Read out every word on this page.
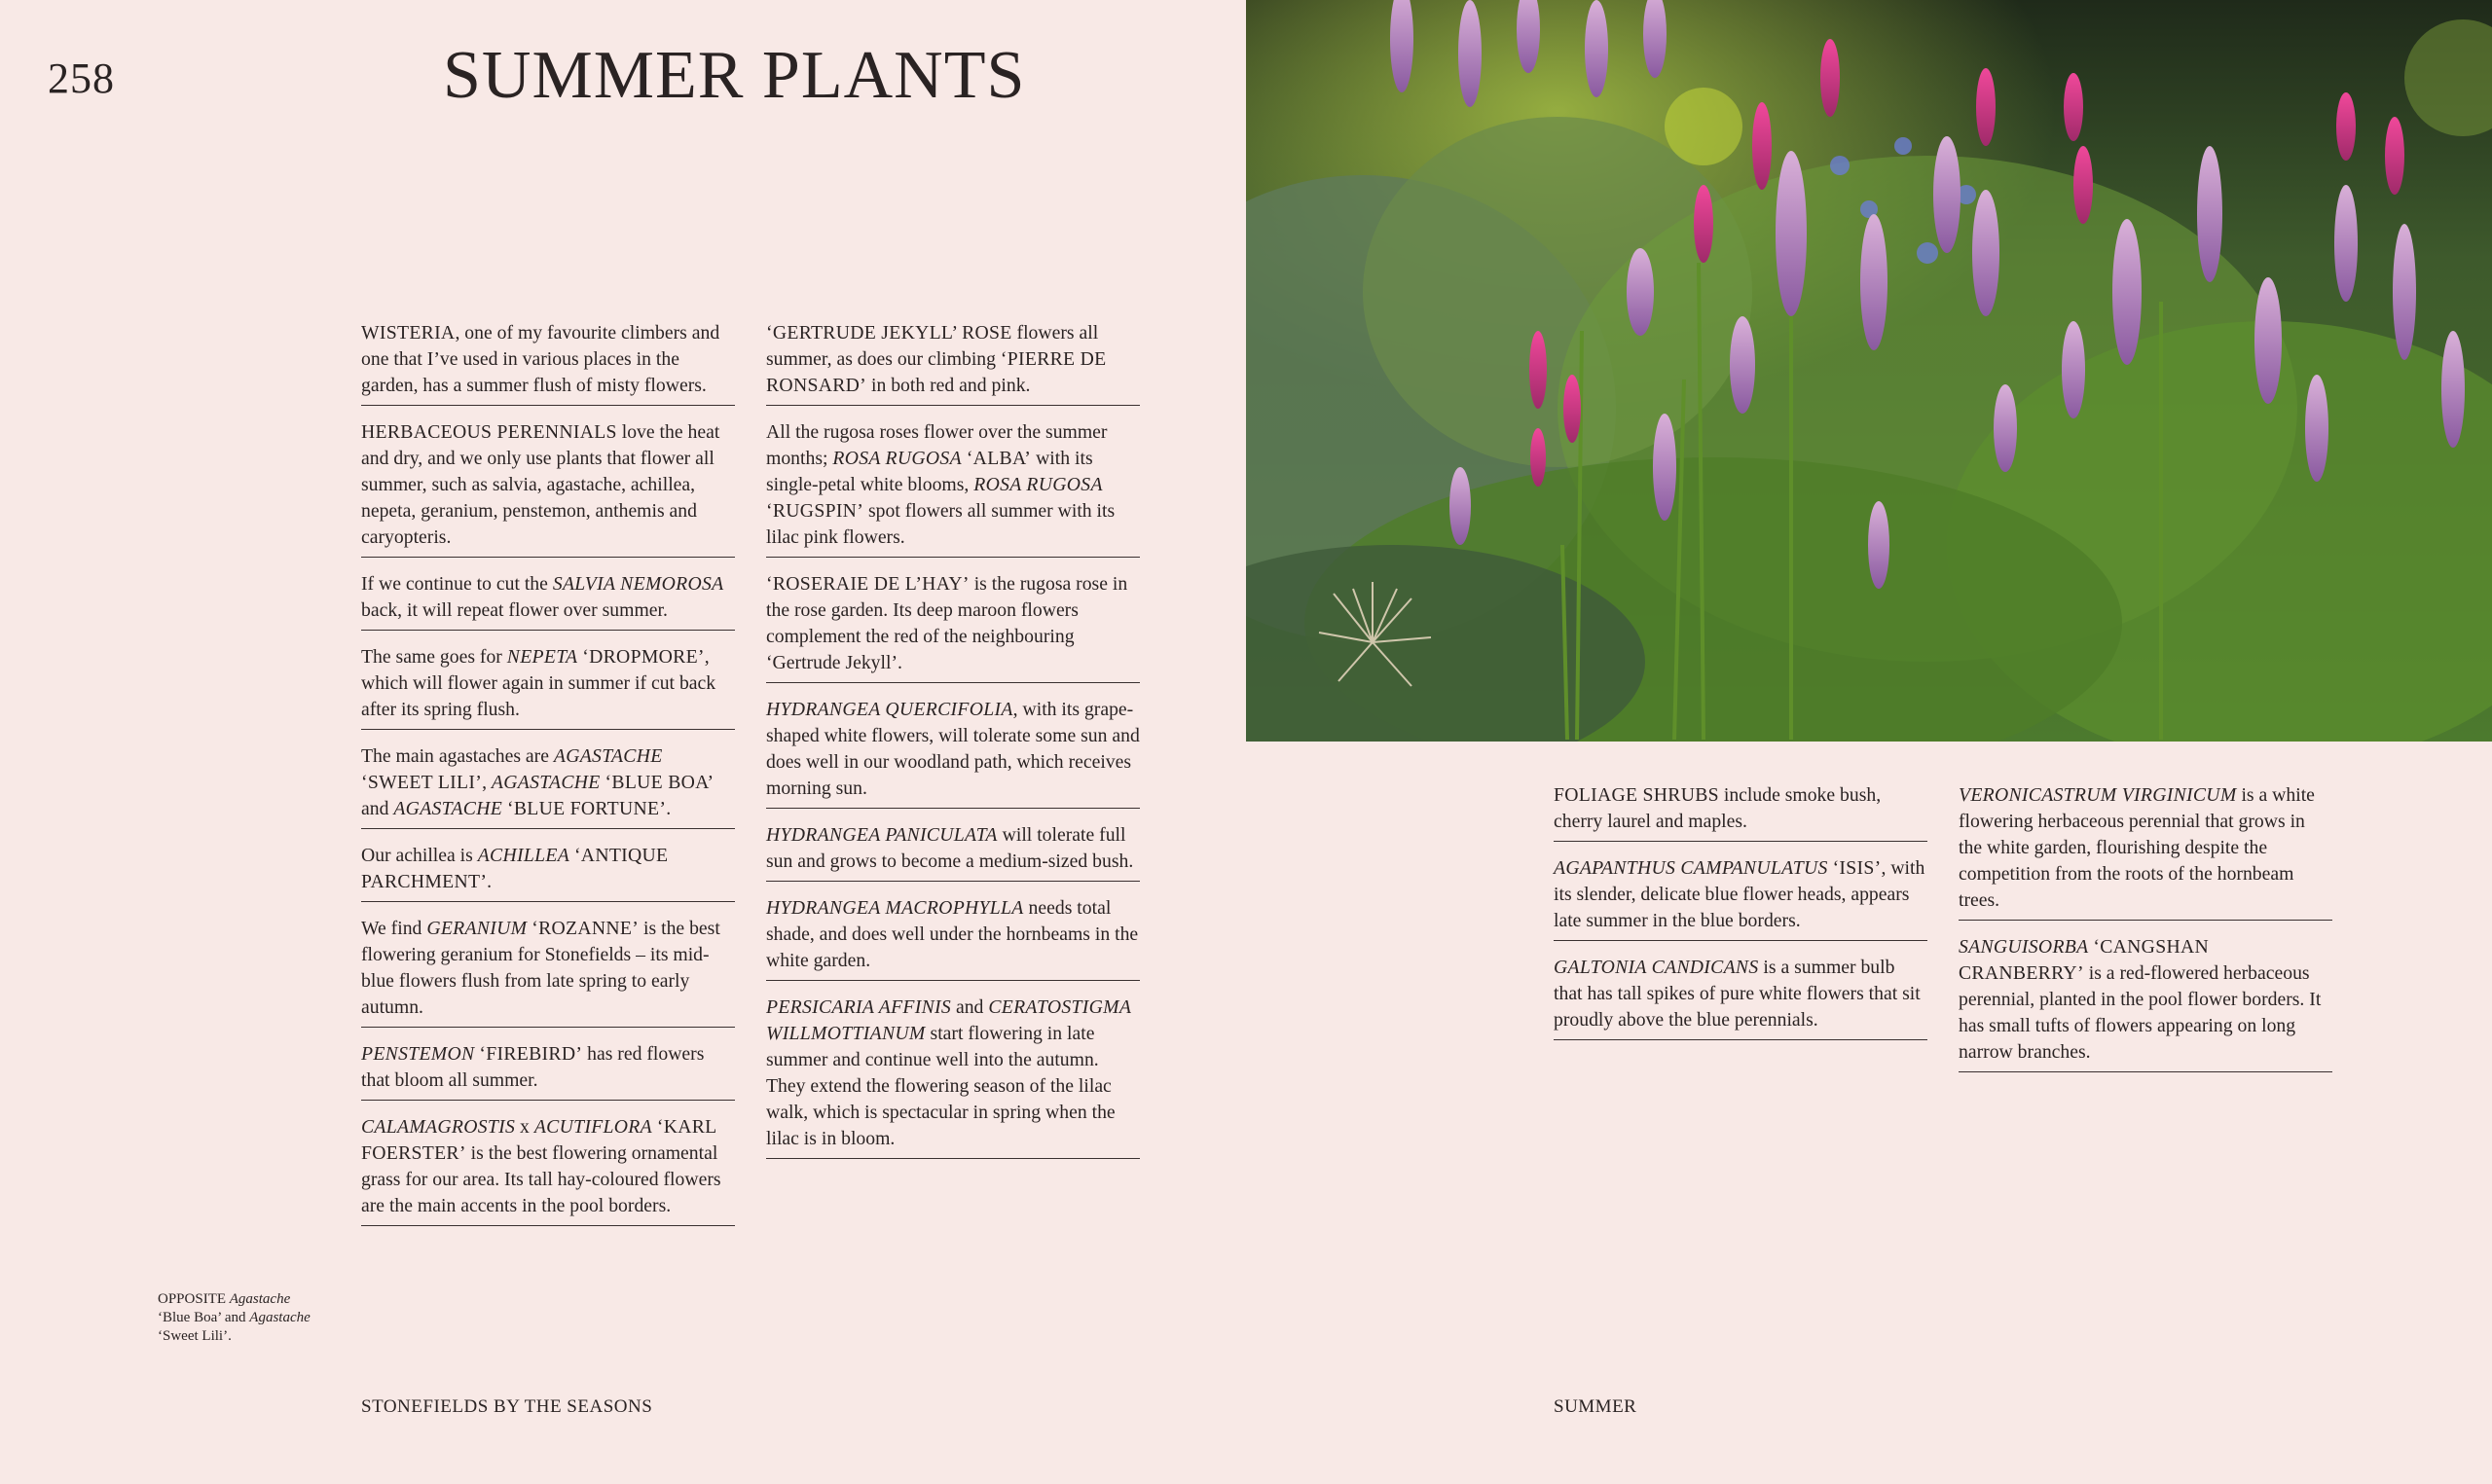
258	SUMMER PLANTS
WISTERIA, one of my favourite climbers and one that I’ve used in various places in the garden, has a summer flush of misty flowers.
HERBACEOUS PERENNIALS love the heat and dry, and we only use plants that flower all summer, such as salvia, agastache, achillea, nepeta, geranium, penstemon, anthemis and caryopteris.
If we continue to cut the SALVIA NEMOROSA back, it will repeat flower over summer.
The same goes for NEPETA ‘DROPMORE’, which will flower again in summer if cut back after its spring flush.
The main agastaches are AGASTACHE ‘SWEET LILI’, AGASTACHE ‘BLUE BOA’ and AGASTACHE ‘BLUE FORTUNE’.
Our achillea is ACHILLEA ‘ANTIQUE PARCHMENT’.
We find GERANIUM ‘ROZANNE’ is the best flowering geranium for Stonefields – its mid-blue flowers flush from late spring to early autumn.
PENSTEMON ‘FIREBIRD’ has red flowers that bloom all summer.
CALAMAGROSTIS x ACUTIFLORA ‘KARL FOERSTER’ is the best flowering ornamental grass for our area. Its tall hay-coloured flowers are the main accents in the pool borders.
‘GERTRUDE JEKYLL’ ROSE flowers all summer, as does our climbing ‘PIERRE DE RONSARD’ in both red and pink.
All the rugosa roses flower over the summer months; ROSA RUGOSA ‘ALBA’ with its single-petal white blooms, ROSA RUGOSA ‘RUGSPIN’ spot flowers all summer with its lilac pink flowers.
‘ROSERAIE DE L’HAY’ is the rugosa rose in the rose garden. Its deep maroon flowers complement the red of the neighbouring ‘Gertrude Jekyll’.
HYDRANGEA QUERCIFOLIA, with its grape-shaped white flowers, will tolerate some sun and does well in our woodland path, which receives morning sun.
HYDRANGEA PANICULATA will tolerate full sun and grows to become a medium-sized bush.
HYDRANGEA MACROPHYLLA needs total shade, and does well under the hornbeams in the white garden.
PERSICARIA AFFINIS and CERATOSTIGMA WILLMOTTIANUM start flowering in late summer and continue well into the autumn. They extend the flowering season of the lilac walk, which is spectacular in spring when the lilac is in bloom.
FOLIAGE SHRUBS include smoke bush, cherry laurel and maples.
AGAPANTHUS CAMPANULATUS ‘ISIS’, with its slender, delicate blue flower heads, appears late summer in the blue borders.
GALTONIA CANDICANS is a summer bulb that has tall spikes of pure white flowers that sit proudly above the blue perennials.
VERONICASTRUM VIRGINICUM is a white flowering herbaceous perennial that grows in the white garden, flourishing despite the competition from the roots of the hornbeam trees.
SANGUISORBA ‘CANGSHAN CRANBERRY’ is a red-flowered herbaceous perennial, planted in the pool flower borders. It has small tufts of flowers appearing on long narrow branches.
OPPOSITE Agastache
‘Blue Boa’ and Agastache
‘Sweet Lili’.
STONEFIELDS BY THE SEASONS	SUMMER
